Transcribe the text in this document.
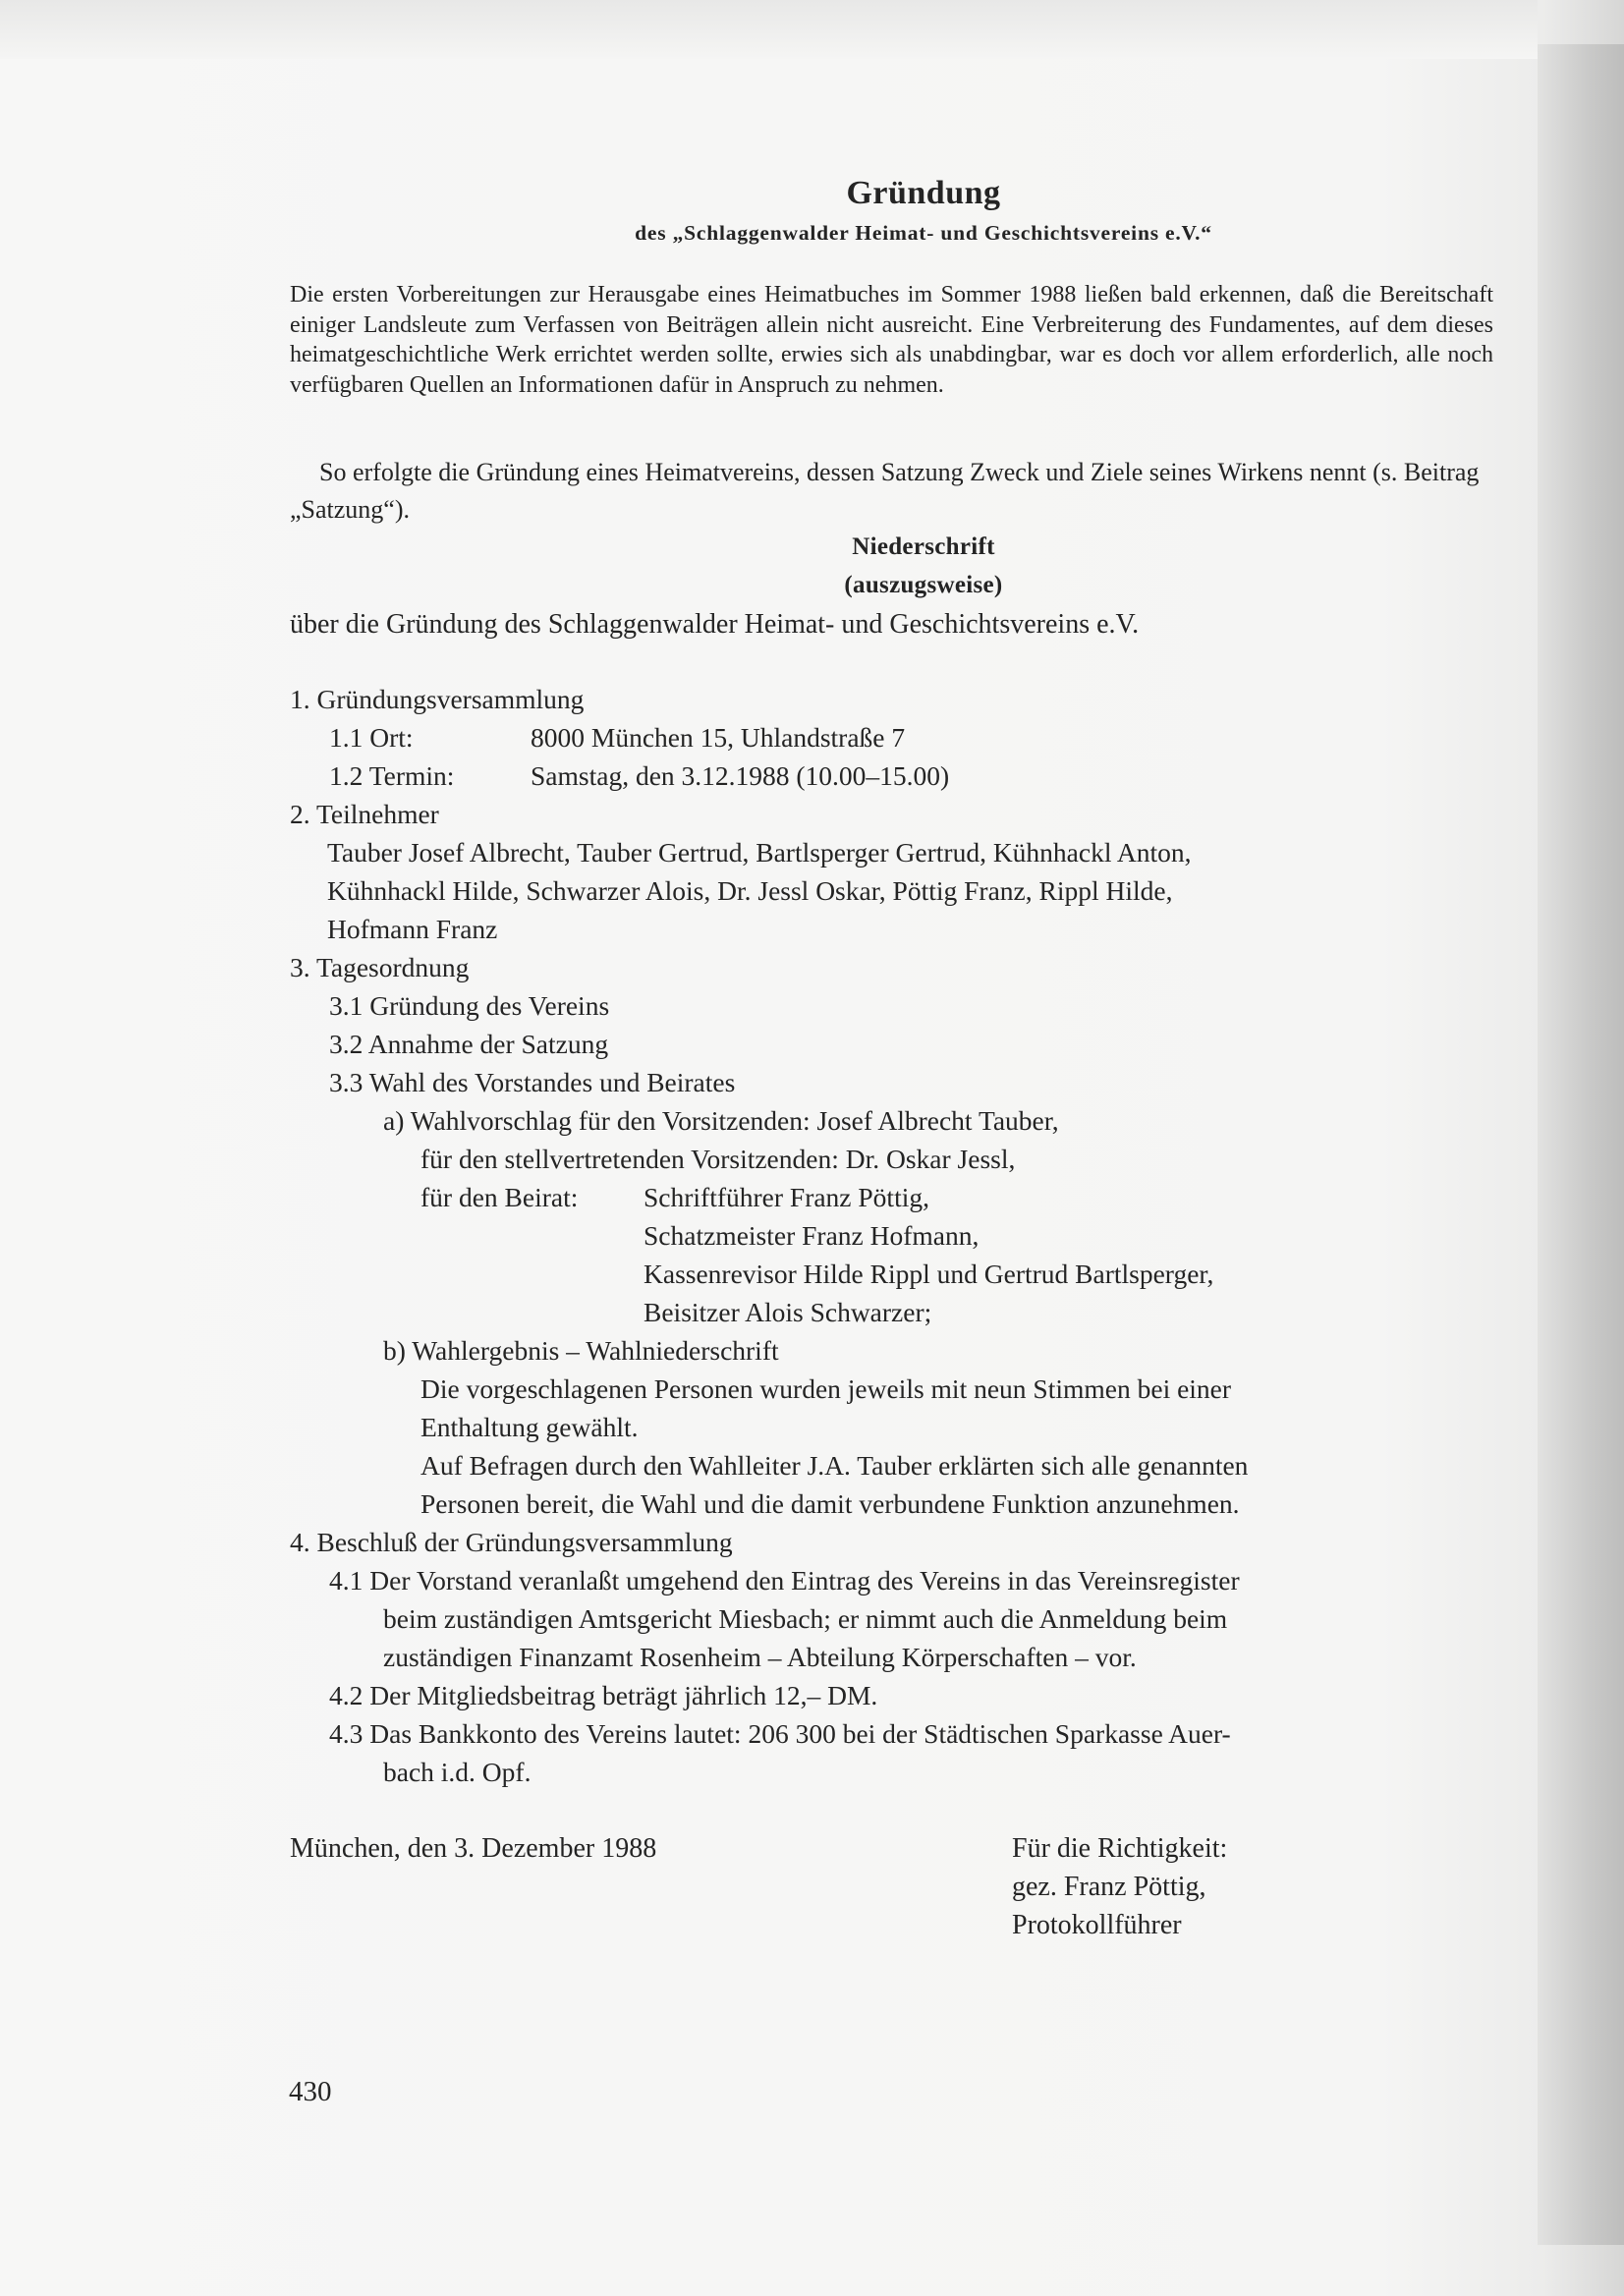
Gründung
des „Schlaggenwalder Heimat- und Geschichtsvereins e.V.“

Die ersten Vorbereitungen zur Herausgabe eines Heimatbuches im Sommer 1988 ließen bald erkennen, daß die Bereitschaft einiger Landsleute zum Verfassen von Beiträgen allein nicht ausreicht. Eine Verbreiterung des Fundamentes, auf dem dieses heimatgeschichtliche Werk errichtet werden sollte, erwies sich als unabdingbar, war es doch vor allem erforderlich, alle noch verfügbaren Quellen an Informationen dafür in Anspruch zu nehmen.

So erfolgte die Gründung eines Heimatvereins, dessen Satzung Zweck und Ziele seines Wirkens nennt (s. Beitrag „Satzung“).

Niederschrift
(auszugsweise)
über die Gründung des Schlaggenwalder Heimat- und Geschichtsvereins e.V.
1. Gründungsversammlung
1.1 Ort:	8000 München 15, Uhlandstraße 7
1.2 Termin:	Samstag, den 3.12.1988 (10.00–15.00)
2. Teilnehmer
Tauber Josef Albrecht, Tauber Gertrud, Bartlsperger Gertrud, Kühnhackl Anton,
Kühnhackl Hilde, Schwarzer Alois, Dr. Jessl Oskar, Pöttig Franz, Rippl Hilde,
Hofmann Franz
3. Tagesordnung
3.1 Gründung des Vereins
3.2 Annahme der Satzung
3.3 Wahl des Vorstandes und Beirates
a) Wahlvorschlag für den Vorsitzenden: Josef Albrecht Tauber,
für den stellvertretenden Vorsitzenden: Dr. Oskar Jessl,
für den Beirat: Schriftführer Franz Pöttig,
Schatzmeister Franz Hofmann,
Kassenrevisor Hilde Rippl und Gertrud Bartlsperger,
Beisitzer Alois Schwarzer;
b) Wahlergebnis – Wahlniederschrift
Die vorgeschlagenen Personen wurden jeweils mit neun Stimmen bei einer
Enthaltung gewählt.
Auf Befragen durch den Wahlleiter J.A. Tauber erklärten sich alle genannten
Personen bereit, die Wahl und die damit verbundene Funktion anzunehmen.
4. Beschluß der Gründungsversammlung
4.1 Der Vorstand veranlaßt umgehend den Eintrag des Vereins in das Vereinsregister
beim zuständigen Amtsgericht Miesbach; er nimmt auch die Anmeldung beim
zuständigen Finanzamt Rosenheim – Abteilung Körperschaften – vor.
4.2 Der Mitgliedsbeitrag beträgt jährlich 12,– DM.
4.3 Das Bankkonto des Vereins lautet: 206 300 bei der Städtischen Sparkasse Auer-
bach i.d. Opf.
München, den 3. Dezember 1988	Für die Richtigkeit:
gez. Franz Pöttig,
Protokollführer
430
